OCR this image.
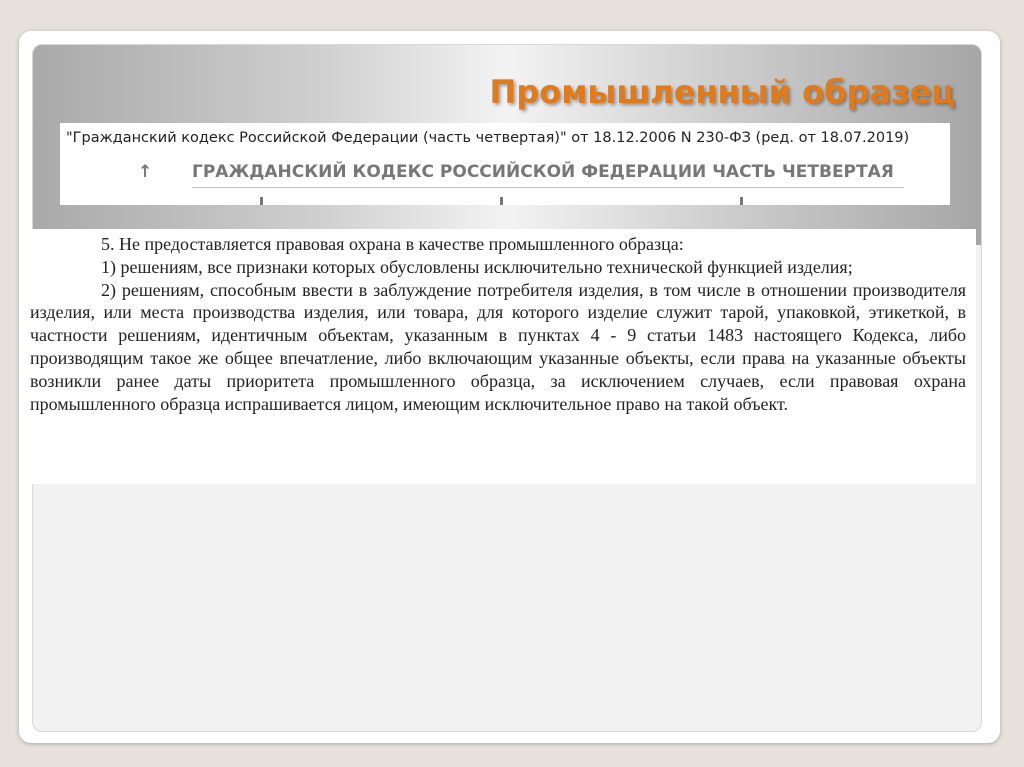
Промышленный образец
"Гражданский кодекс Российской Федерации (часть четвертая)" от 18.12.2006 N 230-ФЗ (ред. от 18.07.2019)
↑ ГРАЖДАНСКИЙ КОДЕКС РОССИЙСКОЙ ФЕДЕРАЦИИ ЧАСТЬ ЧЕТВЕРТАЯ

5. Не предоставляется правовая охрана в качестве промышленного образца:

1) решениям, все признаки которых обусловлены исключительно технической функцией изделия;

2) решениям, способным ввести в заблуждение потребителя изделия, в том числе в отношении производителя изделия, или места производства изделия, или товара, для которого изделие служит тарой, упаковкой, этикеткой, в частности решениям, идентичным объектам, указанным в пунктах 4 - 9 статьи 1483 настоящего Кодекса, либо производящим такое же общее впечатление, либо включающим указанные объекты, если права на указанные объекты возникли ранее даты приоритета промышленного образца, за исключением случаев, если правовая охрана промышленного образца испрашивается лицом, имеющим исключительное право на такой объект.
